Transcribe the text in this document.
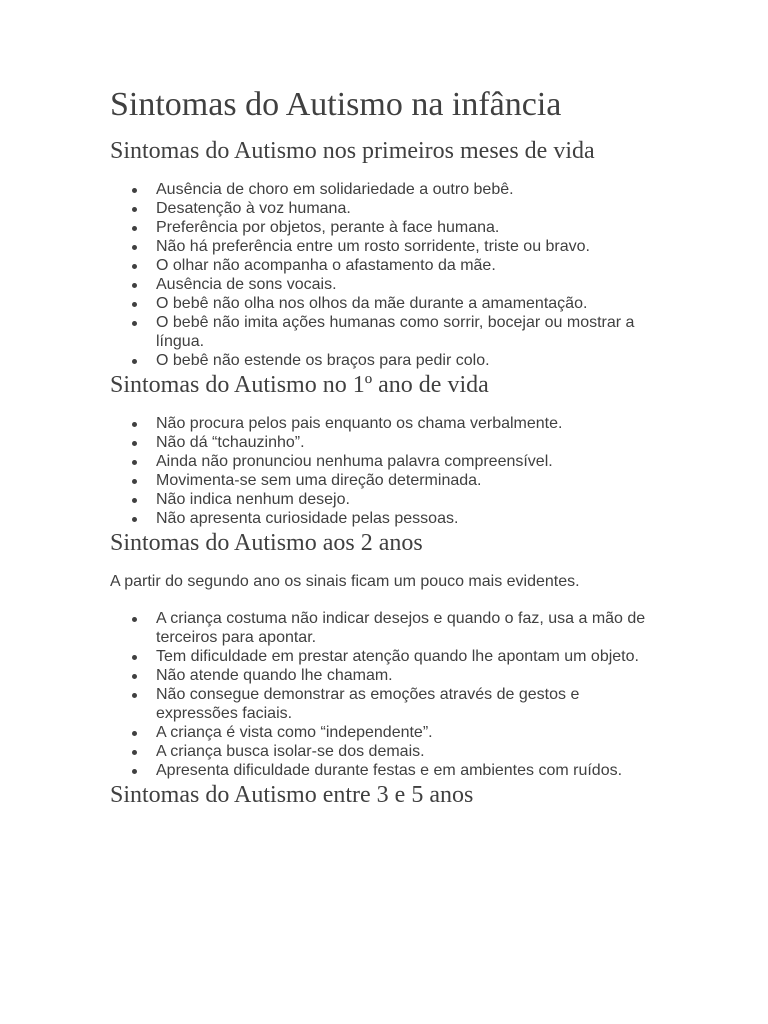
Sintomas do Autismo na infância
Sintomas do Autismo nos primeiros meses de vida
Ausência de choro em solidariedade a outro bebê.
Desatenção à voz humana.
Preferência por objetos, perante à face humana.
Não há preferência entre um rosto sorridente, triste ou bravo.
O olhar não acompanha o afastamento da mãe.
Ausência de sons vocais.
O bebê não olha nos olhos da mãe durante a amamentação.
O bebê não imita ações humanas como sorrir, bocejar ou mostrar a língua.
O bebê não estende os braços para pedir colo.
Sintomas do Autismo no 1º ano de vida
Não procura pelos pais enquanto os chama verbalmente.
Não dá “tchauzinho”.
Ainda não pronunciou nenhuma palavra compreensível.
Movimenta-se sem uma direção determinada.
Não indica nenhum desejo.
Não apresenta curiosidade pelas pessoas.
Sintomas do Autismo aos 2 anos

A partir do segundo ano os sinais ficam um pouco mais evidentes.

A criança costuma não indicar desejos e quando o faz, usa a mão de terceiros para apontar.
Tem dificuldade em prestar atenção quando lhe apontam um objeto.
Não atende quando lhe chamam.
Não consegue demonstrar as emoções através de gestos e expressões faciais.
A criança é vista como “independente”.
A criança busca isolar-se dos demais.
Apresenta dificuldade durante festas e em ambientes com ruídos.
Sintomas do Autismo entre 3 e 5 anos
